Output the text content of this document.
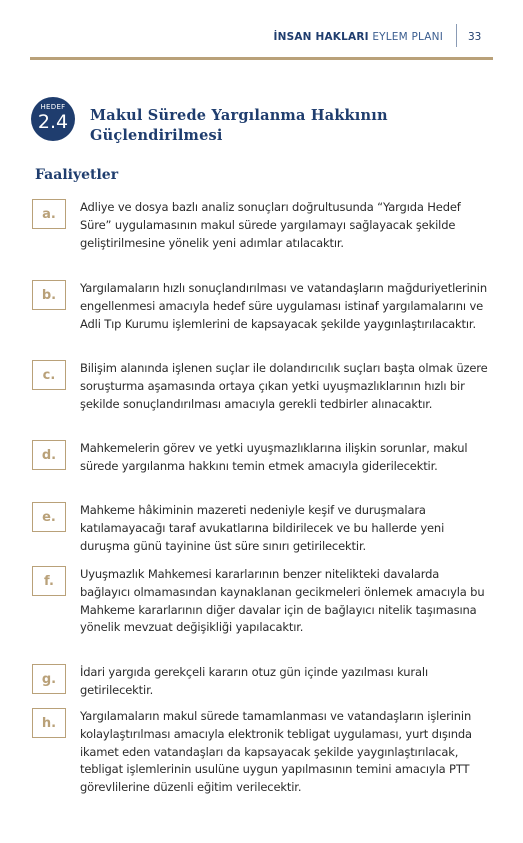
İNSAN HAKLARI EYLEM PLANI 33
HEDEF
2.4	Makul Sürede Yargılanma Hakkının Güçlendirilmesi
Faaliyetler
a.	Adliye ve dosya bazlı analiz sonuçları doğrultusunda “Yargıda Hedef Süre” uygulamasının makul sürede yargılamayı sağlayacak şekilde geliştirilmesine yönelik yeni adımlar atılacaktır.
b.	Yargılamaların hızlı sonuçlandırılması ve vatandaşların mağduriyetlerinin engellenmesi amacıyla hedef süre uygulaması istinaf yargılamalarını ve Adli Tıp Kurumu işlemlerini de kapsayacak şekilde yaygınlaştırılacaktır.
c.	Bilişim alanında işlenen suçlar ile dolandırıcılık suçları başta olmak üzere soruşturma aşamasında ortaya çıkan yetki uyuşmazlıklarının hızlı bir şekilde sonuçlandırılması amacıyla gerekli tedbirler alınacaktır.
d.	Mahkemelerin görev ve yetki uyuşmazlıklarına ilişkin sorunlar, makul sürede yargılanma hakkını temin etmek amacıyla giderilecektir.
e.	Mahkeme hâkiminin mazereti nedeniyle keşif ve duruşmalara katılamayacağı taraf avukatlarına bildirilecek ve bu hallerde yeni duruşma günü tayinine üst süre sınırı getirilecektir.
f.	Uyuşmazlık Mahkemesi kararlarının benzer nitelikteki davalarda bağlayıcı olmamasından kaynaklanan gecikmeleri önlemek amacıyla bu Mahkeme kararlarının diğer davalar için de bağlayıcı nitelik taşımasına yönelik mevzuat değişikliği yapılacaktır.
g.	İdari yargıda gerekçeli kararın otuz gün içinde yazılması kuralı getirilecektir.
h.	Yargılamaların makul sürede tamamlanması ve vatandaşların işlerinin kolaylaştırılması amacıyla elektronik tebligat uygulaması, yurt dışında ikamet eden vatandaşları da kapsayacak şekilde yaygınlaştırılacak, tebligat işlemlerinin usulüne uygun yapılmasının temini amacıyla PTT görevlilerine düzenli eğitim verilecektir.
